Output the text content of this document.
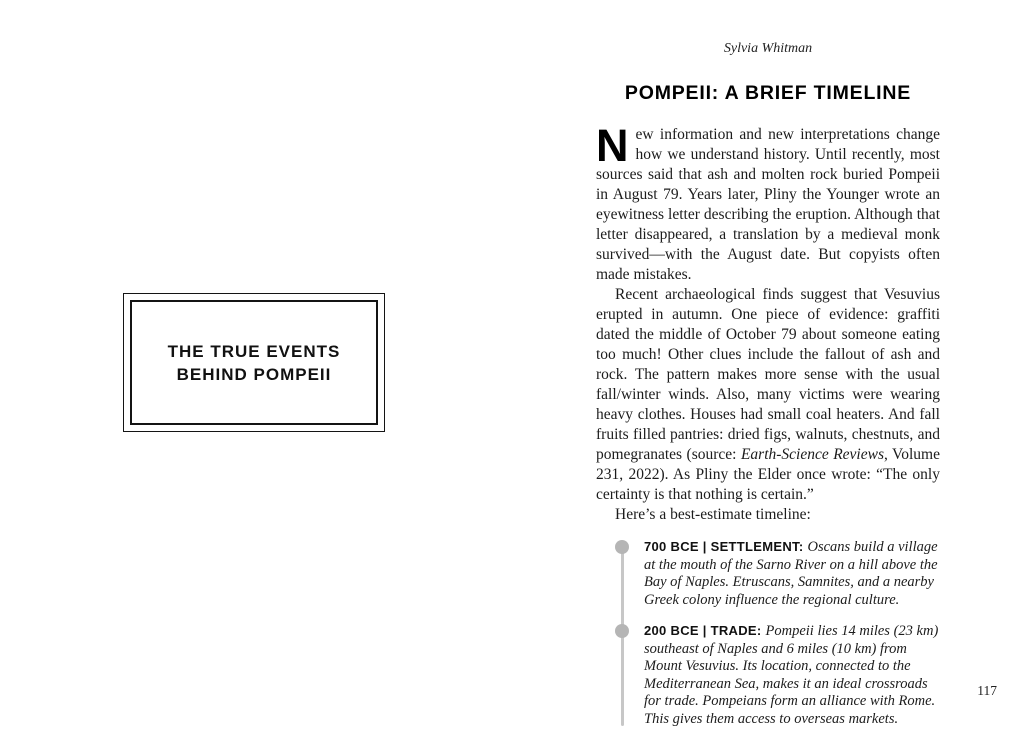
THE TRUE EVENTS
BEHIND POMPEII
Sylvia Whitman
POMPEII: A BRIEF TIMELINE

New information and new interpretations change how we understand history. Until recently, most sources said that ash and molten rock buried Pompeii in August 79. Years later, Pliny the Younger wrote an eyewitness letter describing the eruption. Although that letter disappeared, a translation by a medieval monk survived—with the August date. But copyists often made mistakes.

Recent archaeological finds suggest that Vesuvius erupted in autumn. One piece of evidence: graffiti dated the middle of October 79 about someone eating too much! Other clues include the fallout of ash and rock. The pattern makes more sense with the usual fall/winter winds. Also, many victims were wearing heavy clothes. Houses had small coal heaters. And fall fruits filled pantries: dried figs, walnuts, chestnuts, and pomegranates (source: Earth-Science Reviews, Volume 231, 2022). As Pliny the Elder once wrote: “The only certainty is that nothing is certain.”

Here’s a best-estimate timeline:

700 BCE | SETTLEMENT: Oscans build a village at the mouth of the Sarno River on a hill above the Bay of Naples. Etruscans, Samnites, and a nearby Greek colony influence the regional culture.
200 BCE | TRADE: Pompeii lies 14 miles (23 km) southeast of Naples and 6 miles (10 km) from Mount Vesuvius. Its location, connected to the Mediterranean Sea, makes it an ideal crossroads for trade. Pompeians form an alliance with Rome. This gives them access to overseas markets.
117
